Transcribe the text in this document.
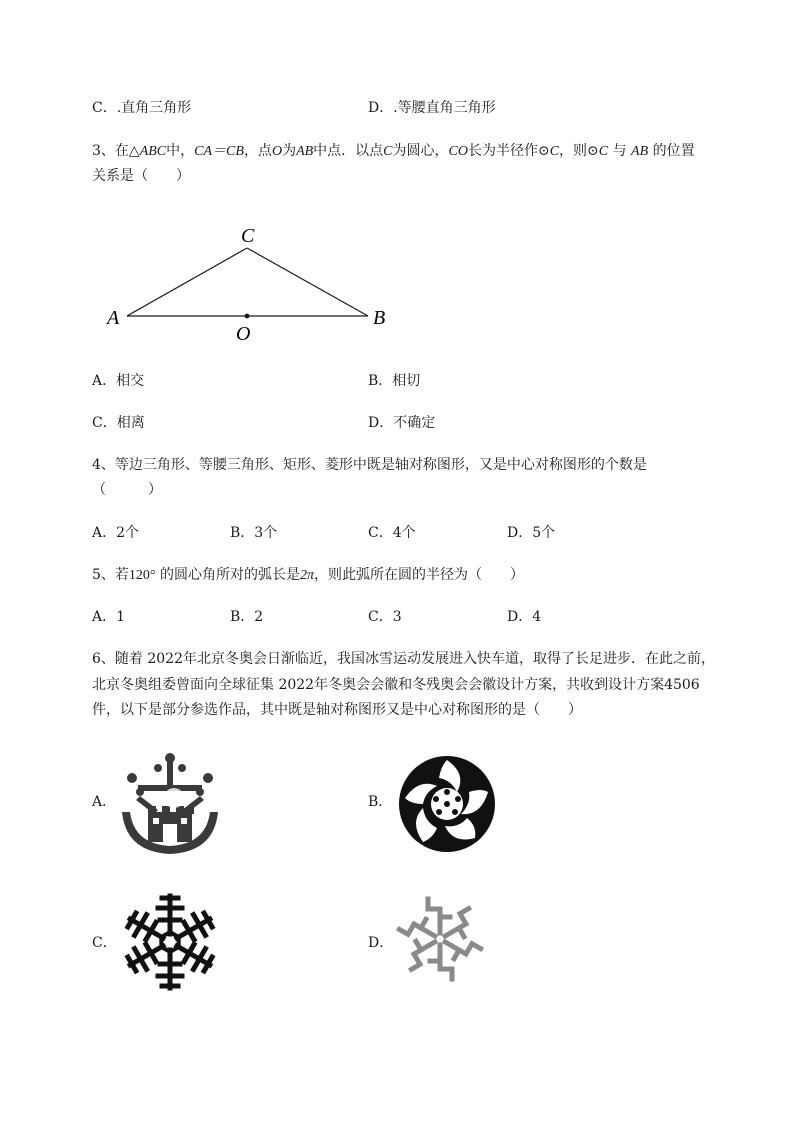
C．.直角三角形	D．.等腰直角三角形
3、在△ABC中，CA＝CB，点O为AB中点．以点C为圆心，CO长为半径作⊙C，则⊙C 与 AB 的位置
关系是（　　）
A	B
C
O
A．相交	B．相切
C．相离	D．不确定
4、等边三角形、等腰三角形、矩形、菱形中既是轴对称图形，又是中心对称图形的个数是
（　　　）
A．2个	B．3个	C．4个	D．5个
5、若120° 的圆心角所对的弧长是2π，则此弧所在圆的半径为（　　）
A．1	B．2	C．3	D．4
6、随着 2022年北京冬奥会日渐临近，我国冰雪运动发展进入快车道，取得了长足进步．在此之前，
北京冬奥组委曾面向全球征集 2022年冬奥会会徽和冬残奥会会徽设计方案，共收到设计方案4506
件，以下是部分参选作品，其中既是轴对称图形又是中心对称图形的是（　　）
A．	B．
C．	D．
